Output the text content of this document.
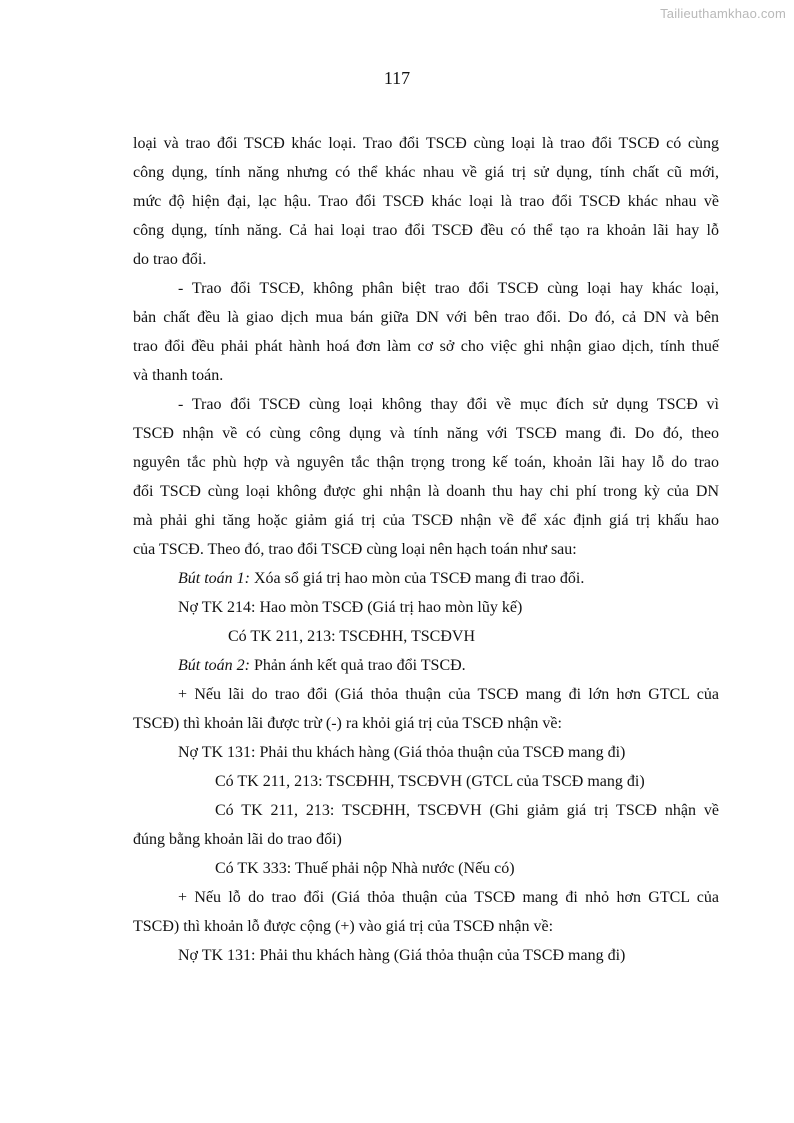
Tailieuthamkhao.com
117

loại và trao đổi TSCĐ khác loại. Trao đổi TSCĐ cùng loại là trao đổi TSCĐ có cùng

công dụng, tính năng nhưng có thể khác nhau về giá trị sử dụng, tính chất cũ mới,

mức độ hiện đại, lạc hậu. Trao đổi TSCĐ khác loại là trao đổi TSCĐ khác nhau về

công dụng, tính năng. Cả hai loại trao đổi TSCĐ đều có thể tạo ra khoản lãi hay lỗ

do trao đổi.

- Trao đổi TSCĐ, không phân biệt trao đổi TSCĐ cùng loại hay khác loại,

bản chất đều là giao dịch mua bán giữa DN với bên trao đổi. Do đó, cả DN và bên

trao đổi đều phải phát hành hoá đơn làm cơ sở cho việc ghi nhận giao dịch, tính thuế

và thanh toán.

- Trao đổi TSCĐ cùng loại không thay đổi về mục đích sử dụng TSCĐ vì

TSCĐ nhận về có cùng công dụng và tính năng với TSCĐ mang đi. Do đó, theo

nguyên tắc phù hợp và nguyên tắc thận trọng trong kế toán, khoản lãi hay lỗ do trao

đổi TSCĐ cùng loại không được ghi nhận là doanh thu hay chi phí trong kỳ của DN

mà phải ghi tăng hoặc giảm giá trị của TSCĐ nhận về để xác định giá trị khấu hao

của TSCĐ. Theo đó, trao đổi TSCĐ cùng loại nên hạch toán như sau:

Bút toán 1: Xóa sổ giá trị hao mòn của TSCĐ mang đi trao đổi.

Nợ TK 214: Hao mòn TSCĐ (Giá trị hao mòn lũy kế)

Có TK 211, 213: TSCĐHH, TSCĐVH

Bút toán 2: Phản ánh kết quả trao đổi TSCĐ.

+ Nếu lãi do trao đổi (Giá thỏa thuận của TSCĐ mang đi lớn hơn GTCL của

TSCĐ) thì khoản lãi được trừ (-) ra khỏi giá trị của TSCĐ nhận về:

Nợ TK 131: Phải thu khách hàng (Giá thỏa thuận của TSCĐ mang đi)

Có TK 211, 213: TSCĐHH, TSCĐVH (GTCL của TSCĐ mang đi)

Có TK 211, 213: TSCĐHH, TSCĐVH (Ghi giảm giá trị TSCĐ nhận về

đúng bằng khoản lãi do trao đổi)

Có TK 333: Thuế phải nộp Nhà nước (Nếu có)

+ Nếu lỗ do trao đổi (Giá thỏa thuận của TSCĐ mang đi nhỏ hơn GTCL của

TSCĐ) thì khoản lỗ được cộng (+) vào giá trị của TSCĐ nhận về:

Nợ TK 131: Phải thu khách hàng (Giá thỏa thuận của TSCĐ mang đi)
